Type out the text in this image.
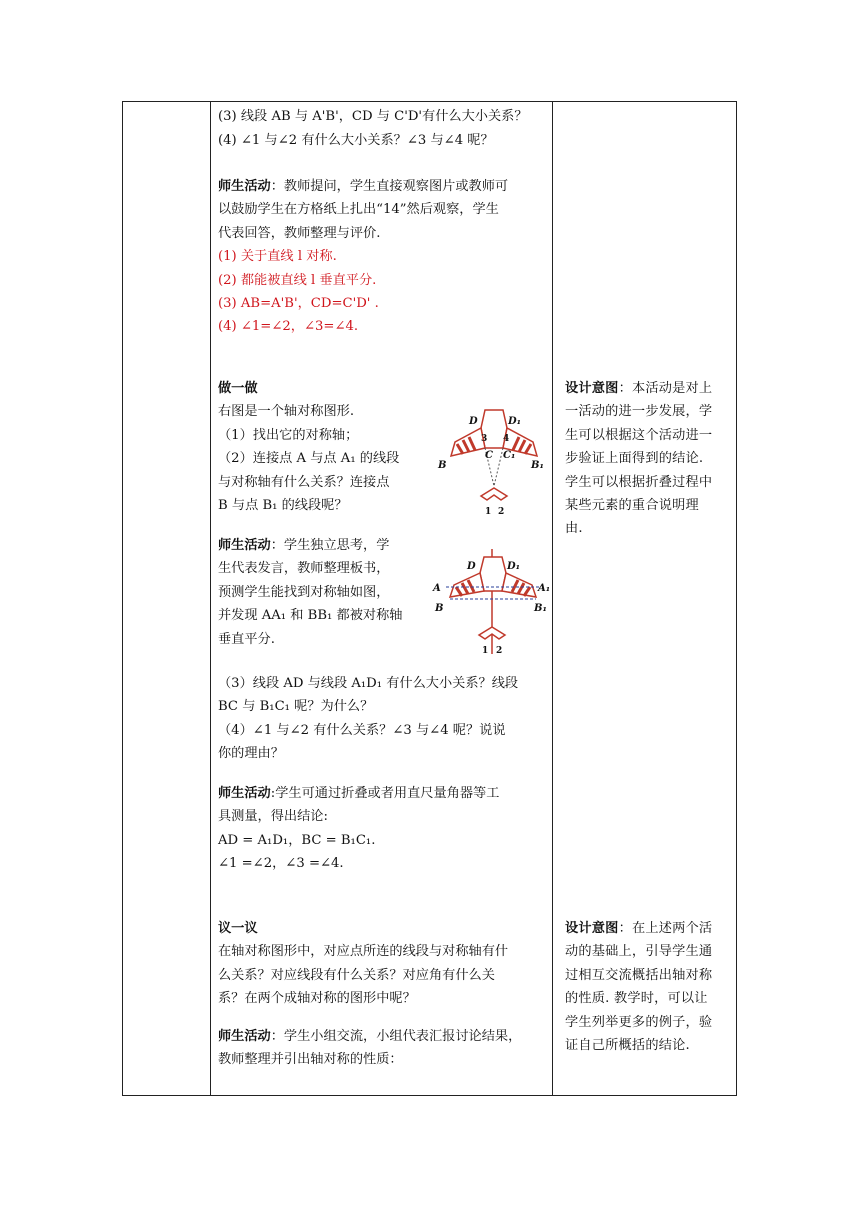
(3) 线段 AB 与 A'B'，CD 与 C'D'有什么大小关系？

(4) ∠1 与∠2 有什么大小关系？∠3 与∠4 呢？

师生活动：教师提问，学生直接观察图片或教师可

以鼓励学生在方格纸上扎出“14”然后观察，学生

代表回答，教师整理与评价.

(1) 关于直线 l 对称.

(2) 都能被直线 l 垂直平分.

(3) AB=A'B'，CD=C'D' .

(4) ∠1=∠2，∠3=∠4.

做一做

右图是一个轴对称图形.

（1）找出它的对称轴；

（2）连接点 A 与点 A₁ 的线段

与对称轴有什么关系？连接点

B 与点 B₁ 的线段呢？

师生活动：学生独立思考，学

生代表发言，教师整理板书，

预测学生能找到对称轴如图，

并发现 AA₁ 和 BB₁ 都被对称轴

垂直平分.

D	D₁
3 4
C C₁
B	B₁
1 2
D	D₁
A	A₁
B	B₁
1 2

（3）线段 AD 与线段 A₁D₁ 有什么大小关系？线段

BC 与 B₁C₁ 呢？为什么？

（4）∠1 与∠2 有什么关系？∠3 与∠4 呢？说说

你的理由？

师生活动:学生可通过折叠或者用直尺量角器等工

具测量，得出结论:

AD = A₁D₁，BC = B₁C₁.

∠1 =∠2，∠3 =∠4.

议一议

在轴对称图形中，对应点所连的线段与对称轴有什

么关系？对应线段有什么关系？对应角有什么关

系？在两个成轴对称的图形中呢？

师生活动：学生小组交流，小组代表汇报讨论结果，

教师整理并引出轴对称的性质：

设计意图：本活动是对上

一活动的进一步发展，学

生可以根据这个活动进一

步验证上面得到的结论.

学生可以根据折叠过程中

某些元素的重合说明理

由.

设计意图：在上述两个活

动的基础上，引导学生通

过相互交流概括出轴对称

的性质. 教学时，可以让

学生列举更多的例子，验

证自己所概括的结论.
